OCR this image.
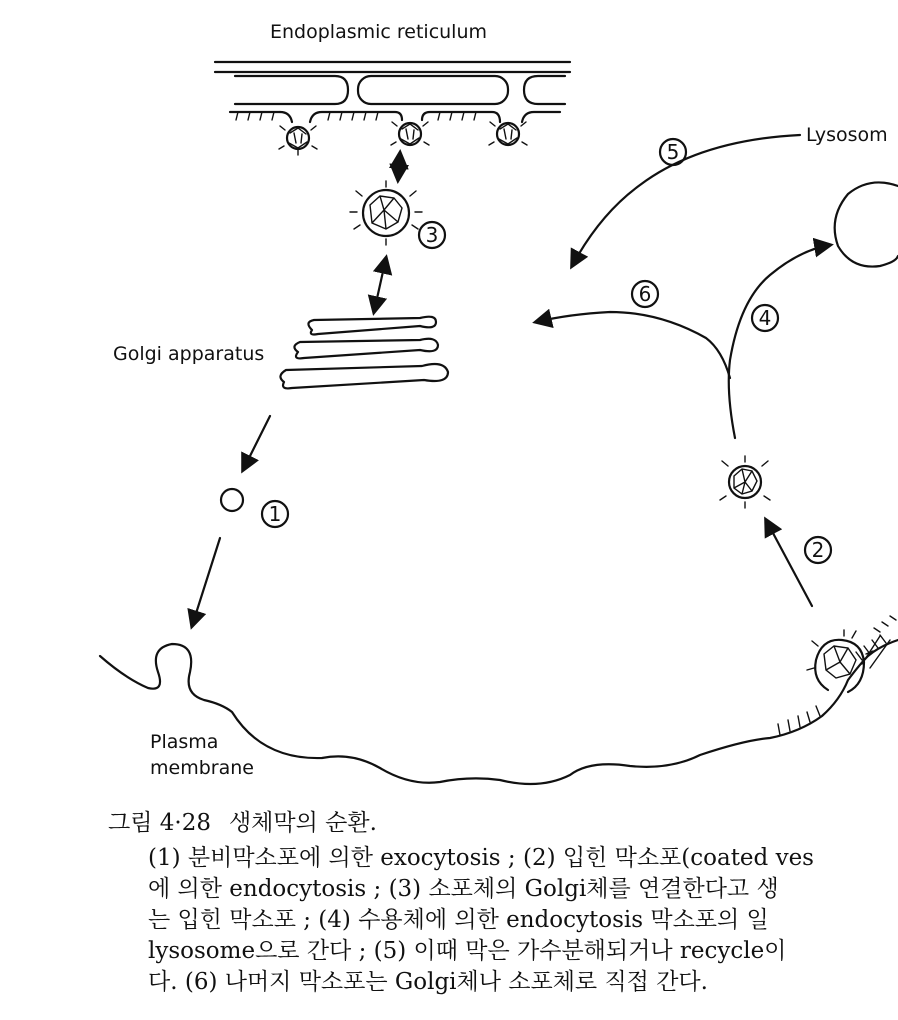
Endoplasmic reticulum
Golgi apparatus
Plasma
membrane
Lysosom
1
2
3
4
5
6
그림 4·28 생체막의 순환.
(1) 분비막소포에 의한 exocytosis ; (2) 입힌 막소포(coated ves
에 의한 endocytosis ; (3) 소포체의 Golgi체를 연결한다고 생
는 입힌 막소포 ; (4) 수용체에 의한 endocytosis 막소포의 일
lysosome으로 간다 ; (5) 이때 막은 가수분해되거나 recycle이
다. (6) 나머지 막소포는 Golgi체나 소포체로 직접 간다.
